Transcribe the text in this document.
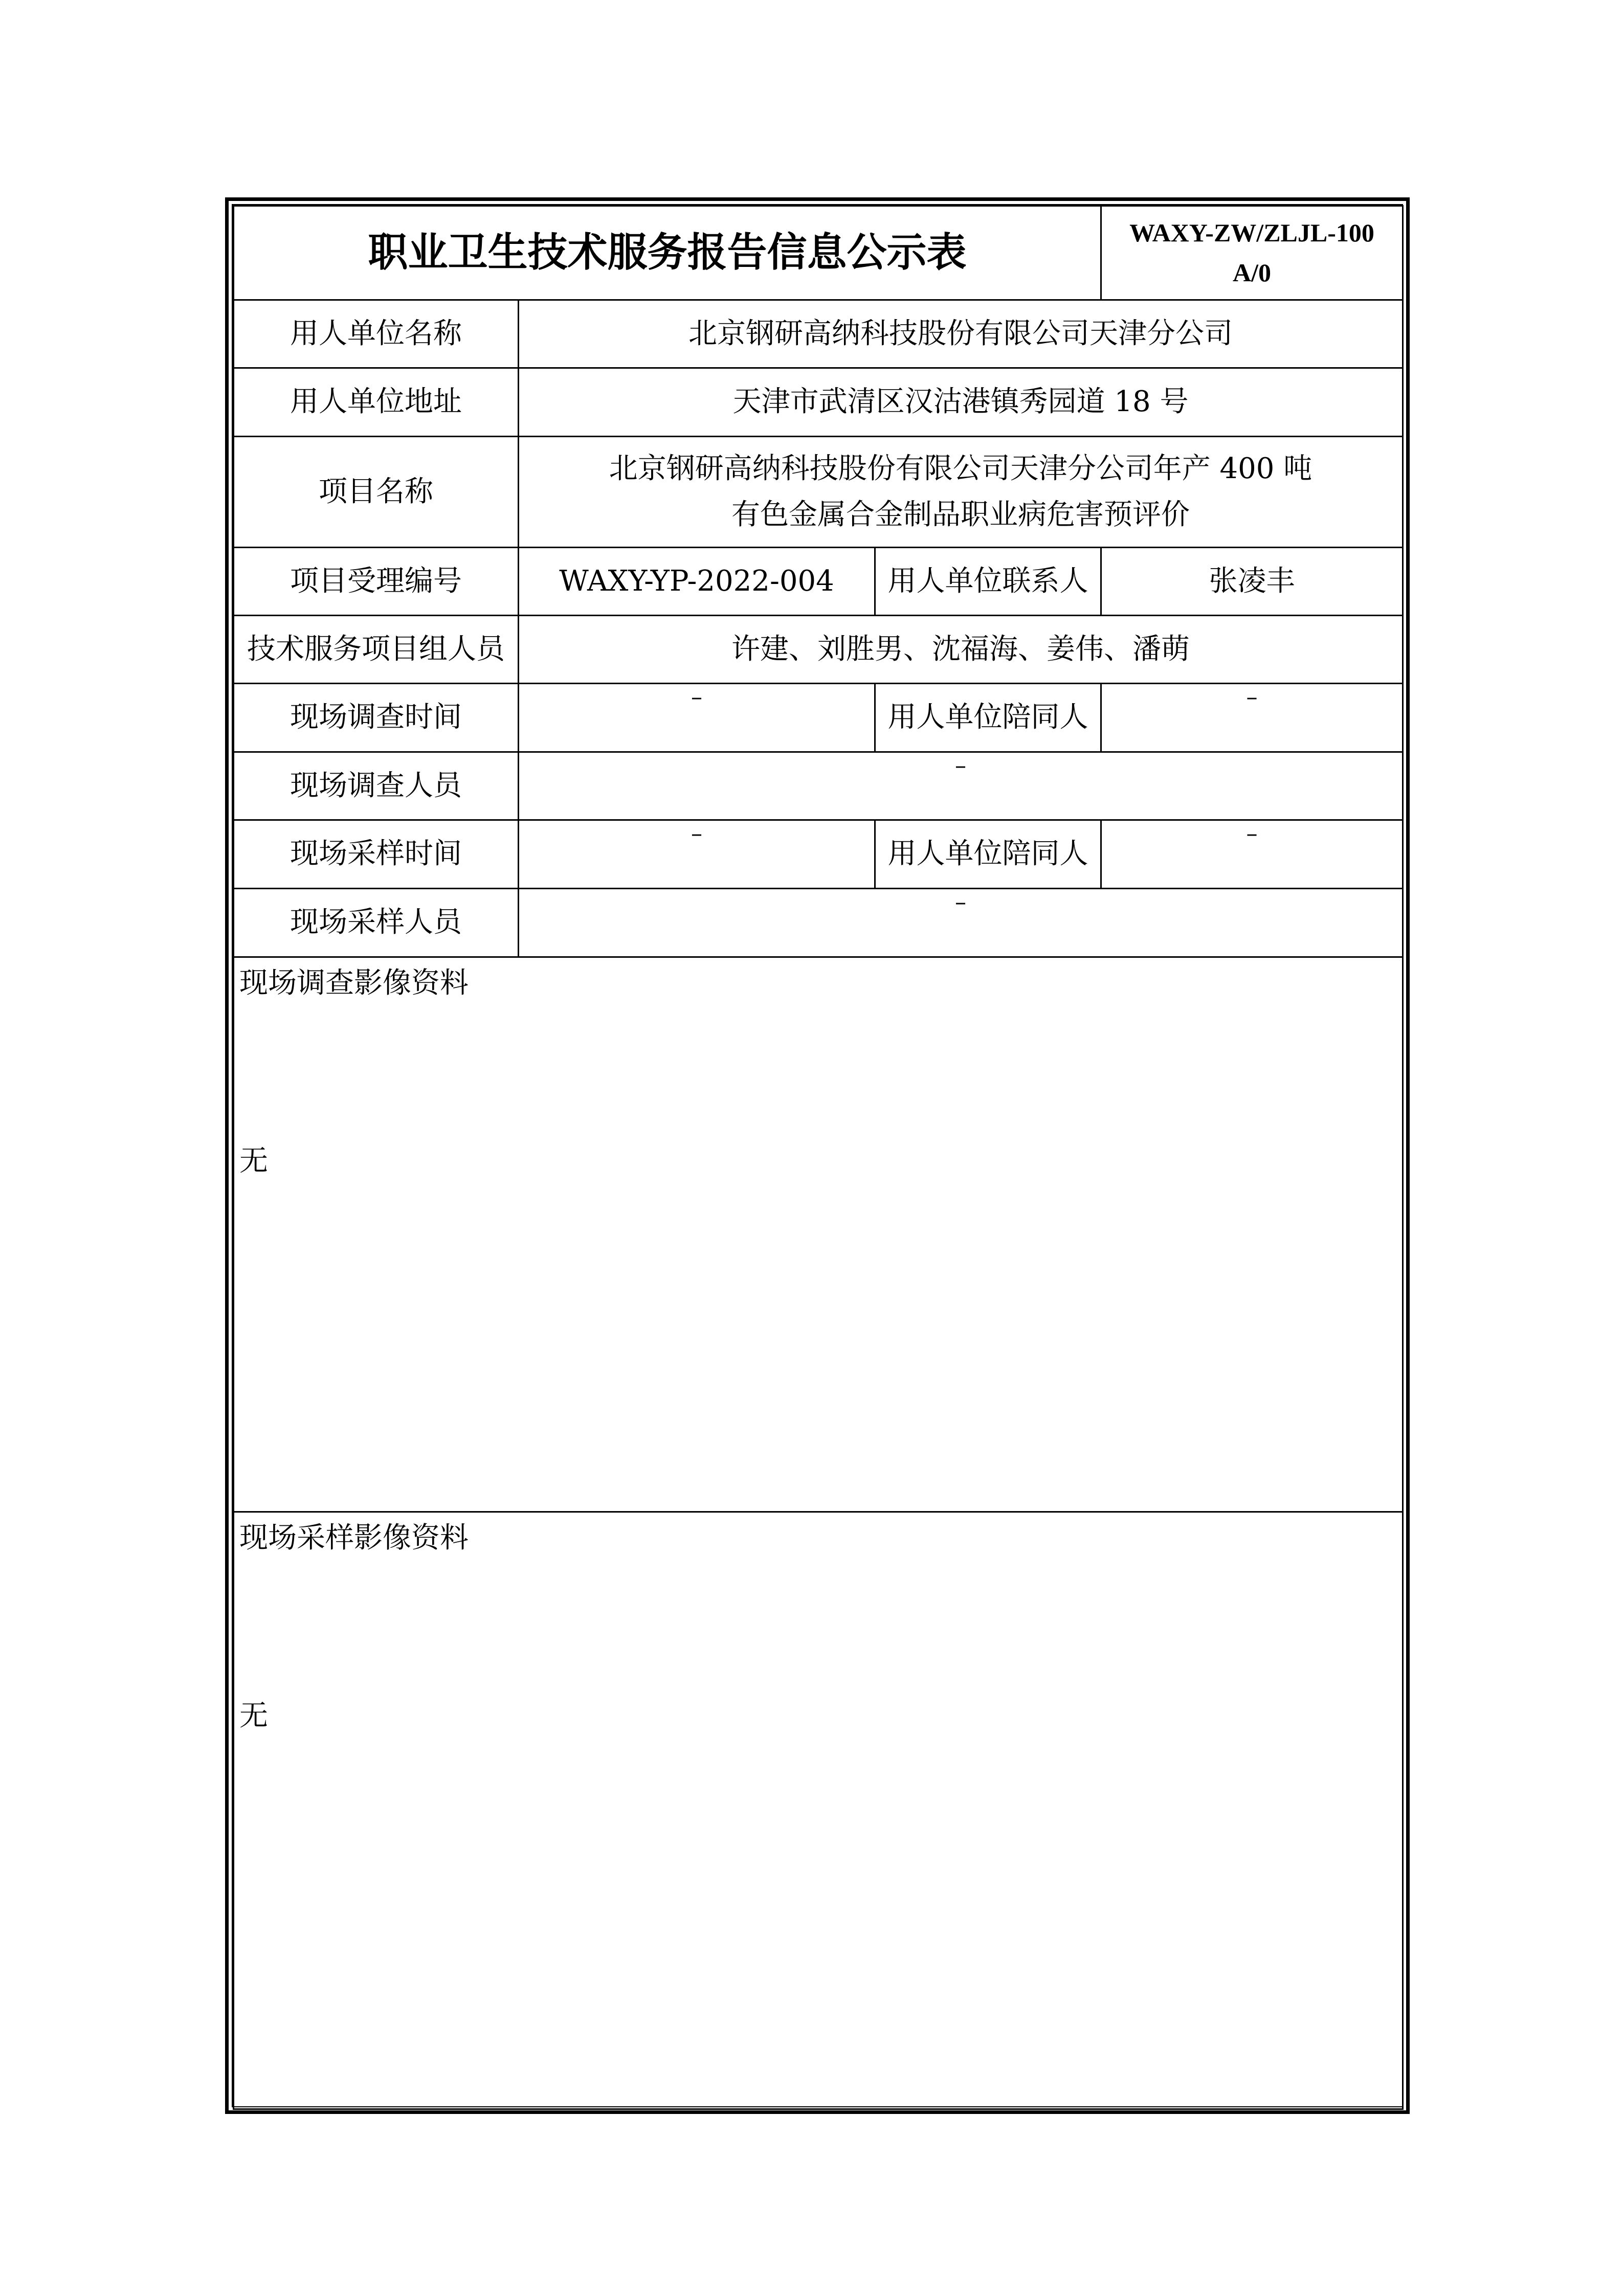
职业卫生技术服务报告信息公示表			WAXY-ZW/ZLJL-100
A/0

用人单位名称	北京钢研高纳科技股份有限公司天津分公司		
用人单位地址	天津市武清区汉沽港镇秀园道 18 号		
项目名称	北京钢研高纳科技股份有限公司天津分公司年产 400 吨
有色金属合金制品职业病危害预评价		

项目受理编号	WAXY-YP-2022-004	用人单位联系人	张凌丰
技术服务项目组人员	许建、刘胜男、沈福海、姜伟、潘萌		
现场调查时间	–	用人单位陪同人	–
现场调查人员	–		
现场采样时间	–	用人单位陪同人	–
现场采样人员	–		

现场调查影像资料
无			

现场采样影像资料
无			
